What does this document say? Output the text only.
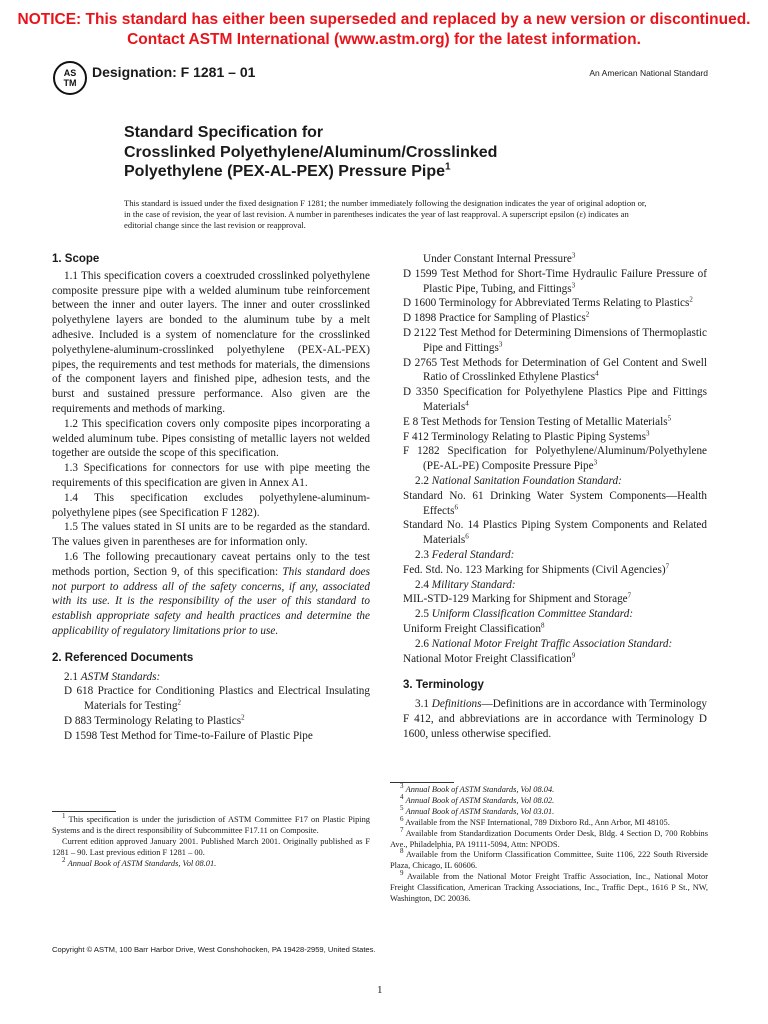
NOTICE: This standard has either been superseded and replaced by a new version or discontinued.
Contact ASTM International (www.astm.org) for the latest information.
AS
TM
Designation: F 1281 – 01	An American National Standard
Standard Specification for
Crosslinked Polyethylene/Aluminum/Crosslinked
Polyethylene (PEX-AL-PEX) Pressure Pipe$^1$
This standard is issued under the fixed designation F 1281; the number immediately following the designation indicates the year of original adoption or, in the case of revision, the year of last revision. A number in parentheses indicates the year of last reapproval. A superscript epsilon (ε) indicates an editorial change since the last revision or reapproval.

1. Scope

1.1 This specification covers a coextruded crosslinked polyethylene composite pressure pipe with a welded aluminum tube reinforcement between the inner and outer layers. The inner and outer crosslinked polyethylene layers are bonded to the aluminum tube by a melt adhesive. Included is a system of nomenclature for the crosslinked polyethylene-aluminum-crosslinked polyethylene (PEX-AL-PEX) pipes, the requirements and test methods for materials, the dimensions of the component layers and finished pipe, adhesion tests, and the burst and sustained pressure performance. Also given are the requirements and methods of marking.

1.2 This specification covers only composite pipes incorporating a welded aluminum tube. Pipes consisting of metallic layers not welded together are outside the scope of this specification.

1.3 Specifications for connectors for use with pipe meeting the requirements of this specification are given in Annex A1.

1.4 This specification excludes polyethylene-aluminum-polyethylene pipes (see Specification F 1282).

1.5 The values stated in SI units are to be regarded as the standard. The values given in parentheses are for information only.

1.6 The following precautionary caveat pertains only to the test methods portion, Section 9, of this specification: This standard does not purport to address all of the safety concerns, if any, associated with its use. It is the responsibility of the user of this standard to establish appropriate safety and health practices and determine the applicability of regulatory limitations prior to use.

2. Referenced Documents

2.1 ASTM Standards:

D 618 Practice for Conditioning Plastics and Electrical Insulating Materials for Testing$^2$

D 883 Terminology Relating to Plastics$^2$

D 1598 Test Method for Time-to-Failure of Plastic Pipe

$^1$ This specification is under the jurisdiction of ASTM Committee F17 on Plastic Piping Systems and is the direct responsibility of Subcommittee F17.11 on Composite.

Current edition approved January 2001. Published March 2001. Originally published as F 1281 – 90. Last previous edition F 1281 – 00.

$^2$ Annual Book of ASTM Standards, Vol 08.01.

Under Constant Internal Pressure$^3$

D 1599 Test Method for Short-Time Hydraulic Failure Pressure of Plastic Pipe, Tubing, and Fittings$^3$

D 1600 Terminology for Abbreviated Terms Relating to Plastics$^2$

D 1898 Practice for Sampling of Plastics$^2$

D 2122 Test Method for Determining Dimensions of Thermoplastic Pipe and Fittings$^3$

D 2765 Test Methods for Determination of Gel Content and Swell Ratio of Crosslinked Ethylene Plastics$^4$

D 3350 Specification for Polyethylene Plastics Pipe and Fittings Materials$^4$

E 8 Test Methods for Tension Testing of Metallic Materials$^5$

F 412 Terminology Relating to Plastic Piping Systems$^3$

F 1282 Specification for Polyethylene/Aluminum/Polyethylene (PE-AL-PE) Composite Pressure Pipe$^3$

2.2 National Sanitation Foundation Standard:

Standard No. 61 Drinking Water System Components—Health Effects$^6$

Standard No. 14 Plastics Piping System Components and Related Materials$^6$

2.3 Federal Standard:

Fed. Std. No. 123 Marking for Shipments (Civil Agencies)$^7$

2.4 Military Standard:

MIL-STD-129 Marking for Shipment and Storage$^7$

2.5 Uniform Classification Committee Standard:

Uniform Freight Classification$^8$

2.6 National Motor Freight Traffic Association Standard:

National Motor Freight Classification$^9$

3. Terminology

3.1 Definitions—Definitions are in accordance with Terminology F 412, and abbreviations are in accordance with Terminology D 1600, unless otherwise specified.

$^3$ Annual Book of ASTM Standards, Vol 08.04.

$^4$ Annual Book of ASTM Standards, Vol 08.02.

$^5$ Annual Book of ASTM Standards, Vol 03.01.

$^6$ Available from the NSF International, 789 Dixboro Rd., Ann Arbor, MI 48105.

$^7$ Available from Standardization Documents Order Desk, Bldg. 4 Section D, 700 Robbins Ave., Philadelphia, PA 19111-5094, Attn: NPODS.

$^8$ Available from the Uniform Classification Committee, Suite 1106, 222 South Riverside Plaza, Chicago, IL 60606.

$^9$ Available from the National Motor Freight Traffic Association, Inc., National Motor Freight Classification, American Tracking Associations, Inc., Traffic Dept., 1616 P St., NW, Washington, DC 20036.

Copyright © ASTM, 100 Barr Harbor Drive, West Conshohocken, PA 19428-2959, United States.
1
